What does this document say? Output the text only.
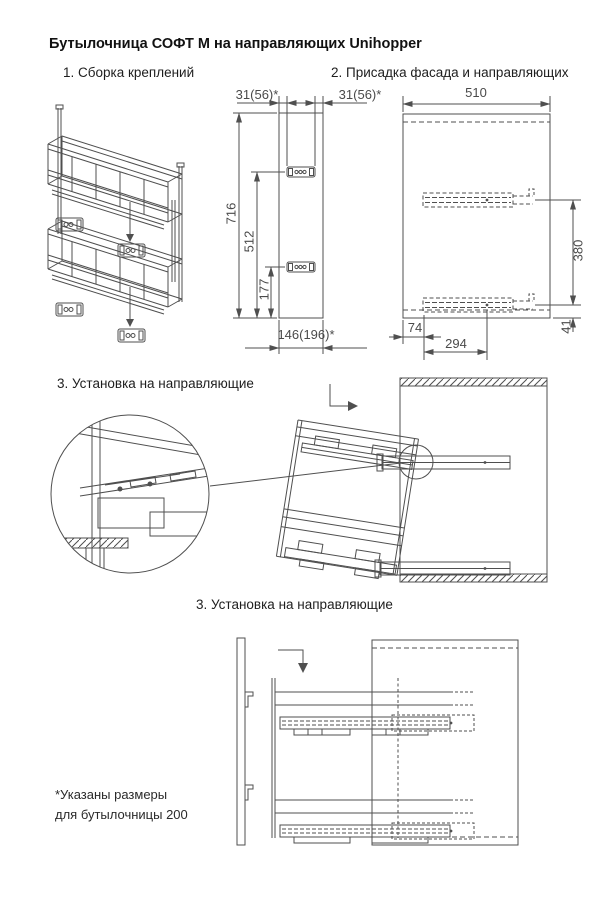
Бутылочница СОФТ М на направляющих Unihopper
1. Сборка креплений	2. Присадка фасада и направляющих
3. Установка на направляющие
3. Установка на направляющие
31(56)*	31(56)*
716
512
177
146(196)*
510
380
41
74
294
*Указаны размеры
для бутылочницы 200
